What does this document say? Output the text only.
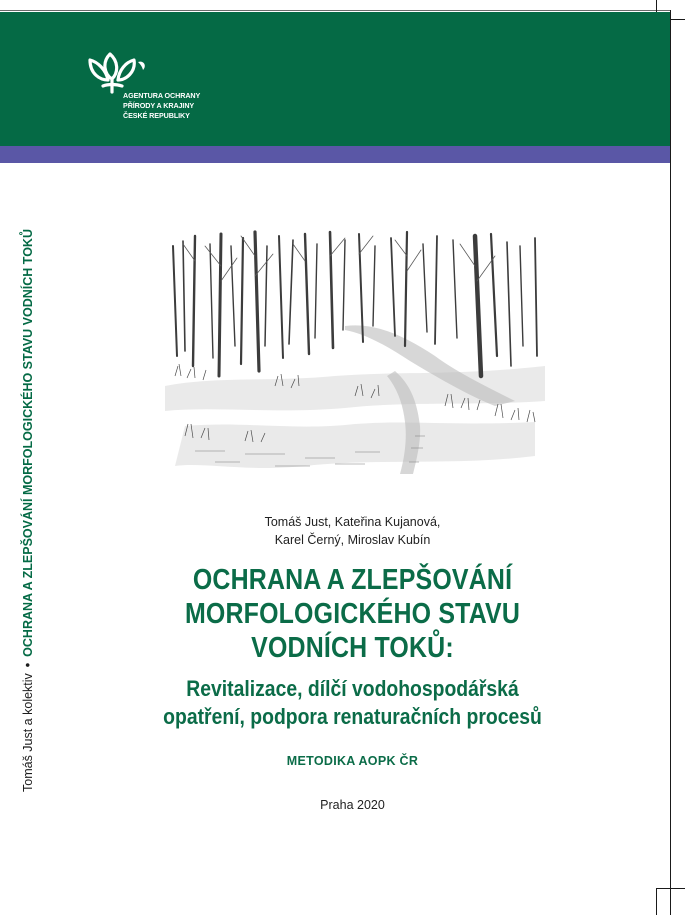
AGENTURA OCHRANY
PŘÍRODY A KRAJINY
ČESKÉ REPUBLIKY
Tomáš Just a kolektiv•OCHRANA A ZLEPŠOVÁNÍ MORFOLOGICKÉHO STAVU VODNÍCH TOKŮ	Tomáš Just, Kateřina Kujanová,
Karel Černý, Miroslav Kubín
OCHRANA A ZLEPŠOVÁNÍ
MORFOLOGICKÉHO STAVU
VODNÍCH TOKŮ:
Revitalizace, dílčí vodohospodářská
opatření, podpora renaturačních procesů
METODIKA AOPK ČR
Praha 2020
